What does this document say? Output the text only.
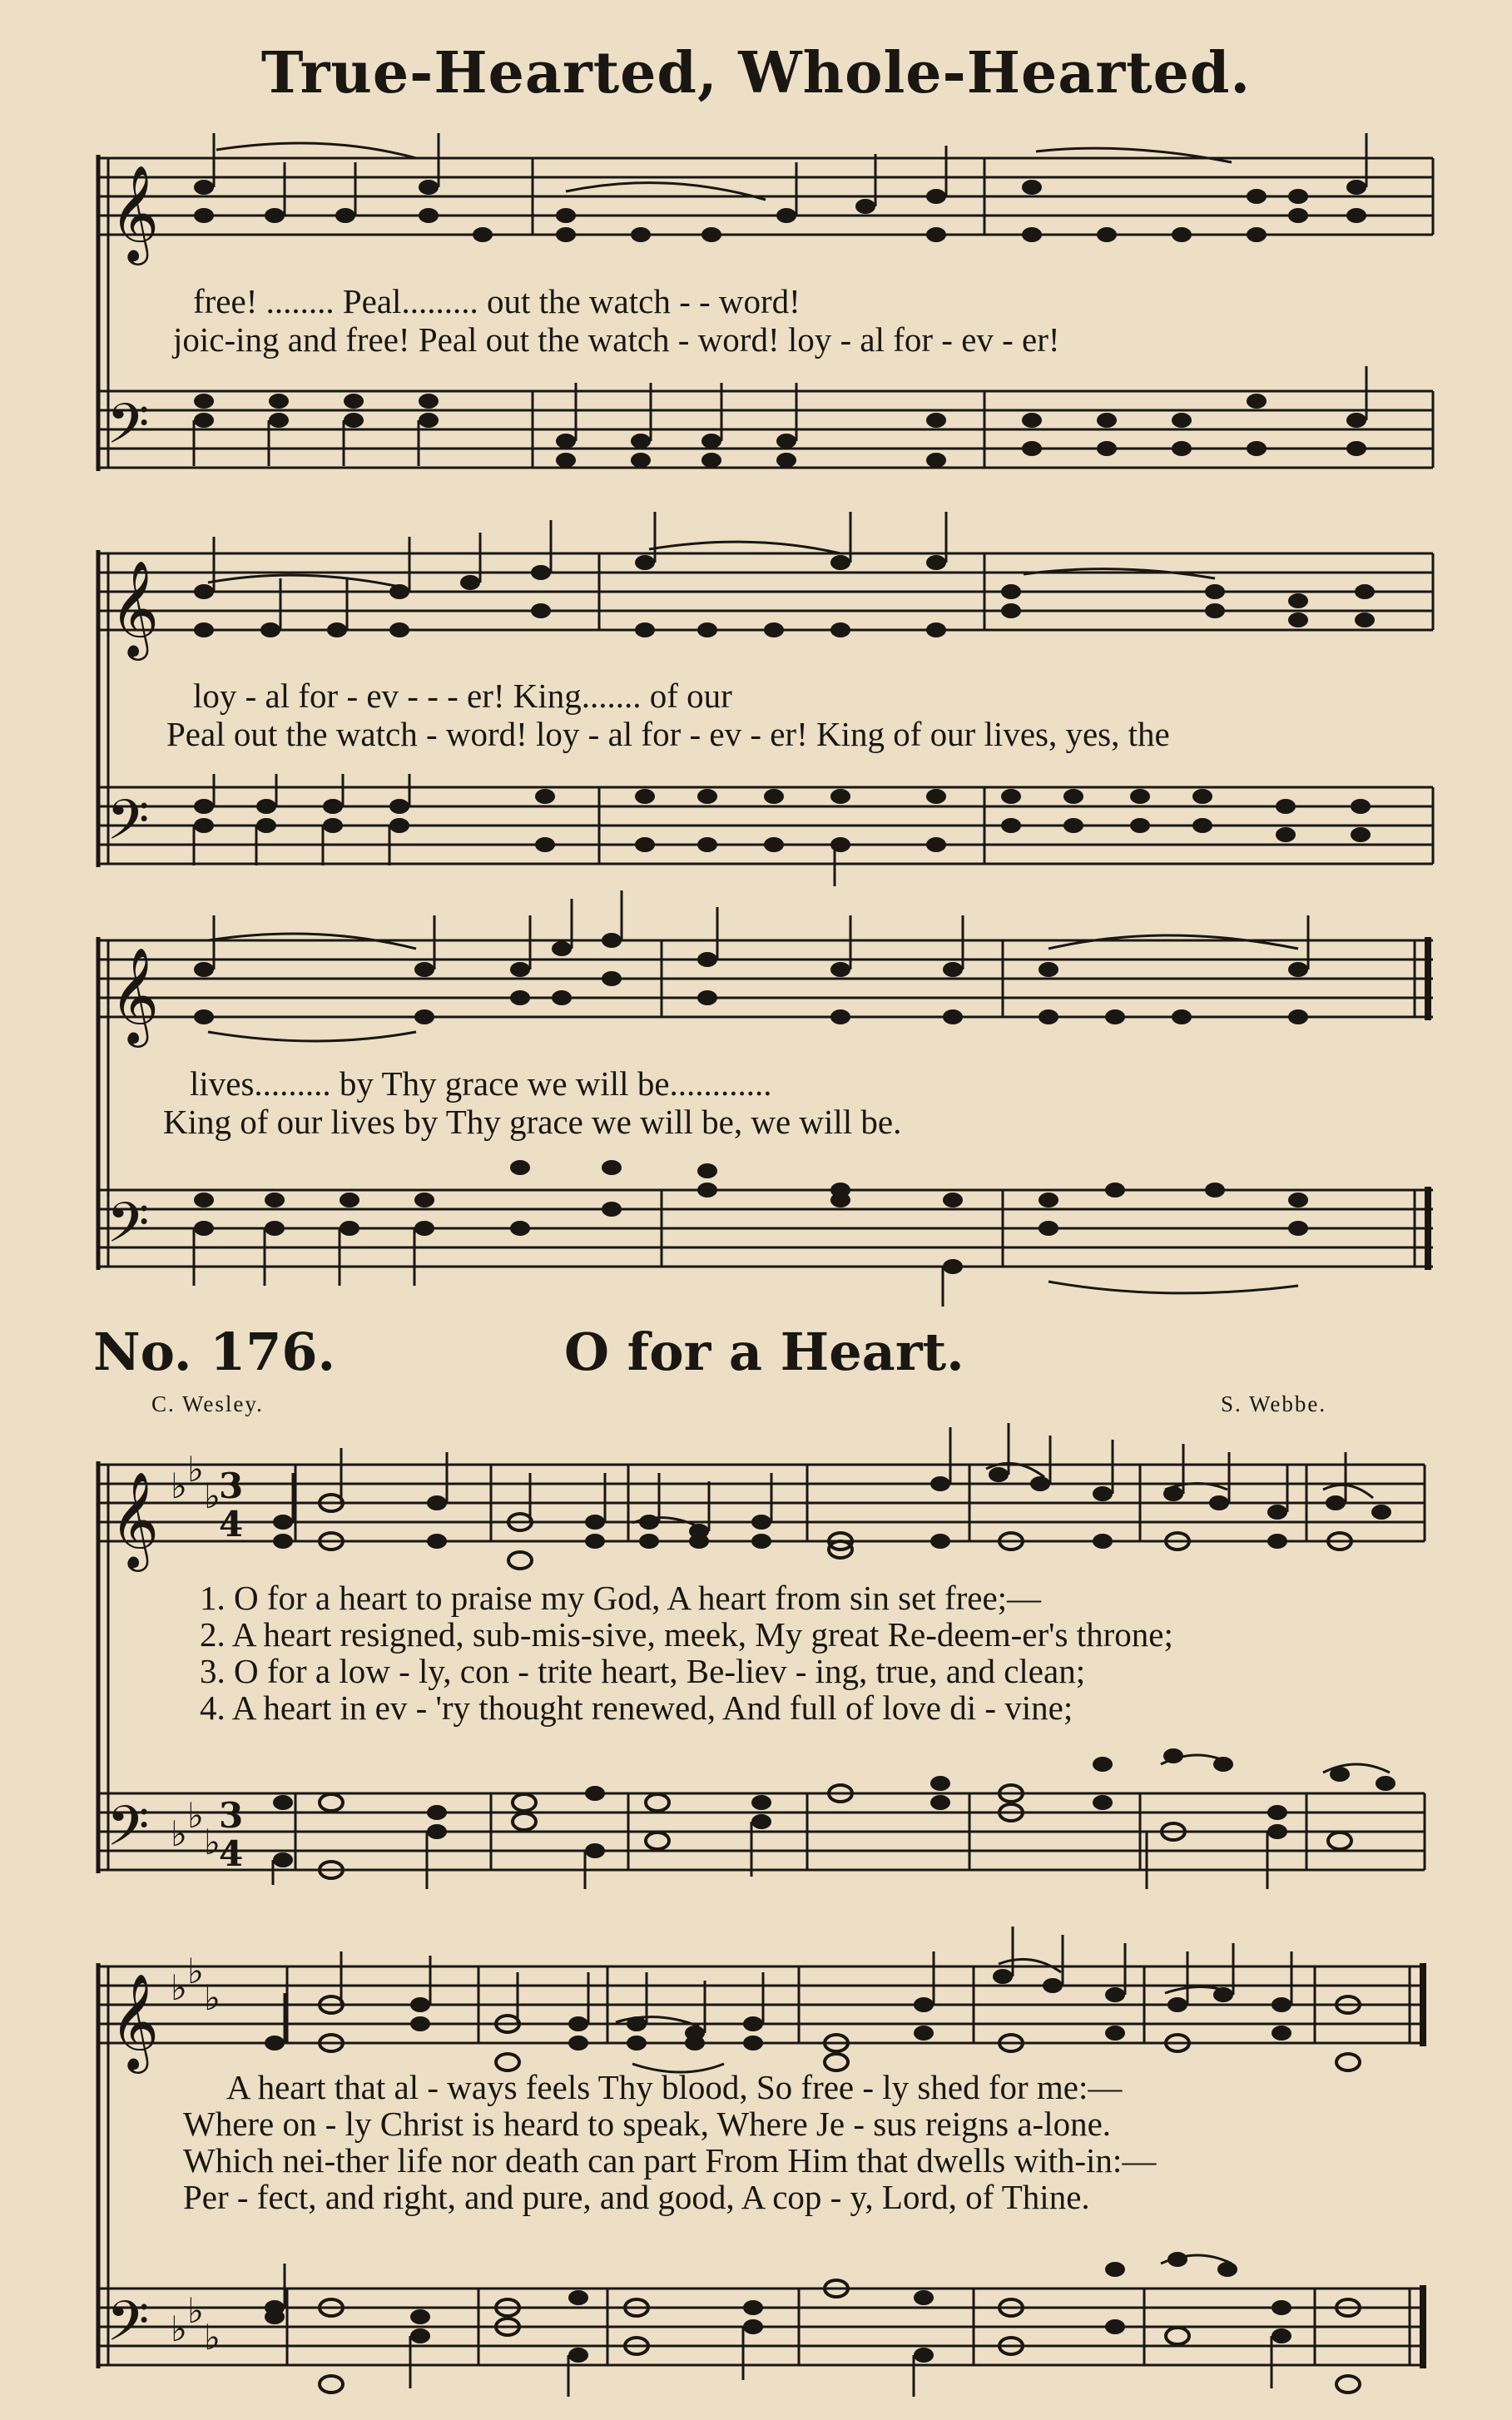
True-Hearted, Whole-Hearted.
𝄞
𝄢
free! ........ Peal......... out the watch - - word!
joic-ing and free! Peal out the watch - word! loy - al for - ev - er!
𝄞
𝄢
loy - al for - ev - - - er! King....... of our
Peal out the watch - word! loy - al for - ev - er! King of our lives, yes, the
𝄞
𝄢
lives......... by Thy grace we will be............
King of our lives by Thy grace we will be, we will be.
No. 176.	O for a Heart.
C. Wesley.	S. Webbe.
𝄞
𝄢
♭ ♭
♭
3
4
♭ ♭
♭
3
4
1. O for a heart to praise my God, A heart from sin set free;—
2. A heart resigned, sub-mis-sive, meek, My great Re-deem-er's throne;
3. O for a low - ly, con - trite heart, Be-liev - ing, true, and clean;
4. A heart in ev - 'ry thought renewed, And full of love di - vine;
𝄞
𝄢
♭ ♭
♭
♭ ♭
♭
A heart that al - ways feels Thy blood, So free - ly shed for me:—
Where on - ly Christ is heard to speak, Where Je - sus reigns a-lone.
Which nei-ther life nor death can part From Him that dwells with-in:—
Per - fect, and right, and pure, and good, A cop - y, Lord, of Thine.
